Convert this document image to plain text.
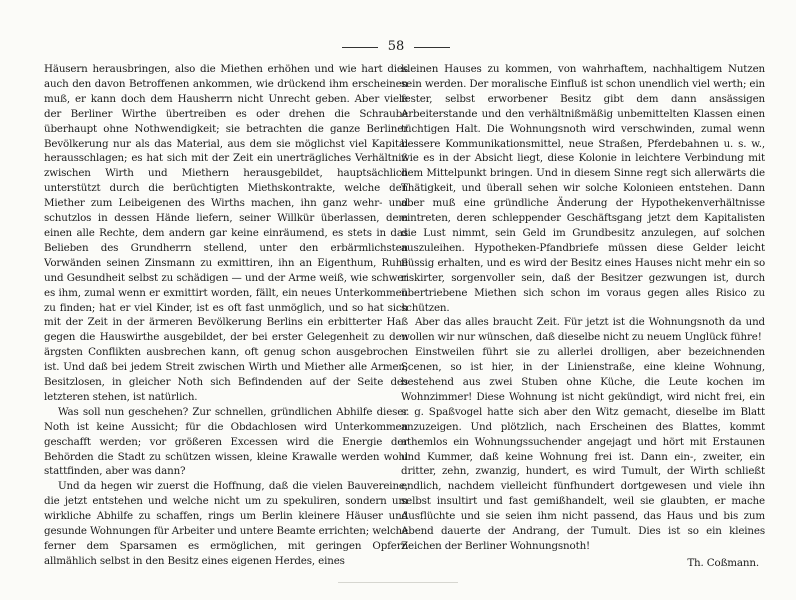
58

Häusern herausbringen, also die Miethen erhöhen und wie hart dies auch den davon Betroffenen ankommen, wie drückend ihm erscheinen muß, er kann doch dem Hausherrn nicht Unrecht geben. Aber viele der Berliner Wirthe übertreiben es oder drehen die Schraube überhaupt ohne Nothwendigkeit; sie betrachten die ganze Berliner Bevölkerung nur als das Material, aus dem sie möglichst viel Kapital herausschlagen; es hat sich mit der Zeit ein unerträgliches Verhältniß zwischen Wirth und Miethern herausgebildet, hauptsächlich unterstützt durch die berüchtigten Miethskontrakte, welche den Miether zum Leibeigenen des Wirths machen, ihn ganz wehr- und schutzlos in dessen Hände liefern, seiner Willkür überlassen, dem einen alle Rechte, dem andern gar keine einräumend, es stets in das Belieben des Grundherrn stellend, unter den erbärmlichsten Vorwänden seinen Zinsmann zu exmittiren, ihn an Eigenthum, Ruhe und Gesundheit selbst zu schädigen — und der Arme weiß, wie schwer es ihm, zumal wenn er exmittirt worden, fällt, ein neues Unterkommen zu finden; hat er viel Kinder, ist es oft fast unmöglich, und so hat sich mit der Zeit in der ärmeren Bevölkerung Berlins ein erbitterter Haß gegen die Hauswirthe ausgebildet, der bei erster Gelegenheit zu den ärgsten Conflikten ausbrechen kann, oft genug schon ausgebrochen ist. Und daß bei jedem Streit zwischen Wirth und Miether alle Armen, Besitzlosen, in gleicher Noth sich Befindenden auf der Seite des letzteren stehen, ist natürlich.

Was soll nun geschehen? Zur schnellen, gründlichen Abhilfe dieser Noth ist keine Aussicht; für die Obdachlosen wird Unterkommen geschafft werden; vor größeren Excessen wird die Energie der Behörden die Stadt zu schützen wissen, kleine Krawalle werden wohl stattfinden, aber was dann?

Und da hegen wir zuerst die Hoffnung, daß die vielen Bauvereine, die jetzt entstehen und welche nicht um zu spekuliren, sondern um wirkliche Abhilfe zu schaffen, rings um Berlin kleinere Häuser und gesunde Wohnungen für Arbeiter und untere Beamte errichten; welche ferner dem Sparsamen es ermöglichen, mit geringen Opfern allmählich selbst in den Besitz eines eigenen Herdes, eines

kleinen Hauses zu kommen, von wahrhaftem, nachhaltigem Nutzen sein werden. Der moralische Einfluß ist schon unendlich viel werth; ein fester, selbst erworbener Besitz gibt dem dann ansässigen Arbeiterstande und den verhältnißmäßig unbemittelten Klassen einen tüchtigen Halt. Die Wohnungsnoth wird verschwinden, zumal wenn bessere Kommunikationsmittel, neue Straßen, Pferdebahnen u. s. w., wie es in der Absicht liegt, diese Kolonie in leichtere Verbindung mit dem Mittelpunkt bringen. Und in diesem Sinne regt sich allerwärts die Thätigkeit, und überall sehen wir solche Kolonieen entstehen. Dann aber muß eine gründliche Änderung der Hypothekenverhältnisse eintreten, deren schleppender Geschäftsgang jetzt dem Kapitalisten die Lust nimmt, sein Geld im Grundbesitz anzulegen, auf solchen auszuleihen. Hypotheken-Pfandbriefe müssen diese Gelder leicht flüssig erhalten, und es wird der Besitz eines Hauses nicht mehr ein so riskirter, sorgenvoller sein, daß der Besitzer gezwungen ist, durch übertriebene Miethen sich schon im voraus gegen alles Risico zu schützen.

Aber das alles braucht Zeit. Für jetzt ist die Wohnungsnoth da und wollen wir nur wünschen, daß dieselbe nicht zu neuem Unglück führe!

Einstweilen führt sie zu allerlei drolligen, aber bezeichnenden Scenen, so ist hier, in der Linienstraße, eine kleine Wohnung, bestehend aus zwei Stuben ohne Küche, die Leute kochen im Wohnzimmer! Diese Wohnung ist nicht gekündigt, wird nicht frei, ein s. g. Spaßvogel hatte sich aber den Witz gemacht, dieselbe im Blatt anzuzeigen. Und plötzlich, nach Erscheinen des Blattes, kommt athemlos ein Wohnungssuchender angejagt und hört mit Erstaunen und Kummer, daß keine Wohnung frei ist. Dann ein-, zweiter, ein dritter, zehn, zwanzig, hundert, es wird Tumult, der Wirth schließt endlich, nachdem vielleicht fünfhundert dortgewesen und viele ihn selbst insultirt und fast gemißhandelt, weil sie glaubten, er mache Ausflüchte und sie seien ihm nicht passend, das Haus und bis zum Abend dauerte der Andrang, der Tumult. Dies ist so ein kleines Zeichen der Berliner Wohnungsnoth!

Th. Coßmann.
